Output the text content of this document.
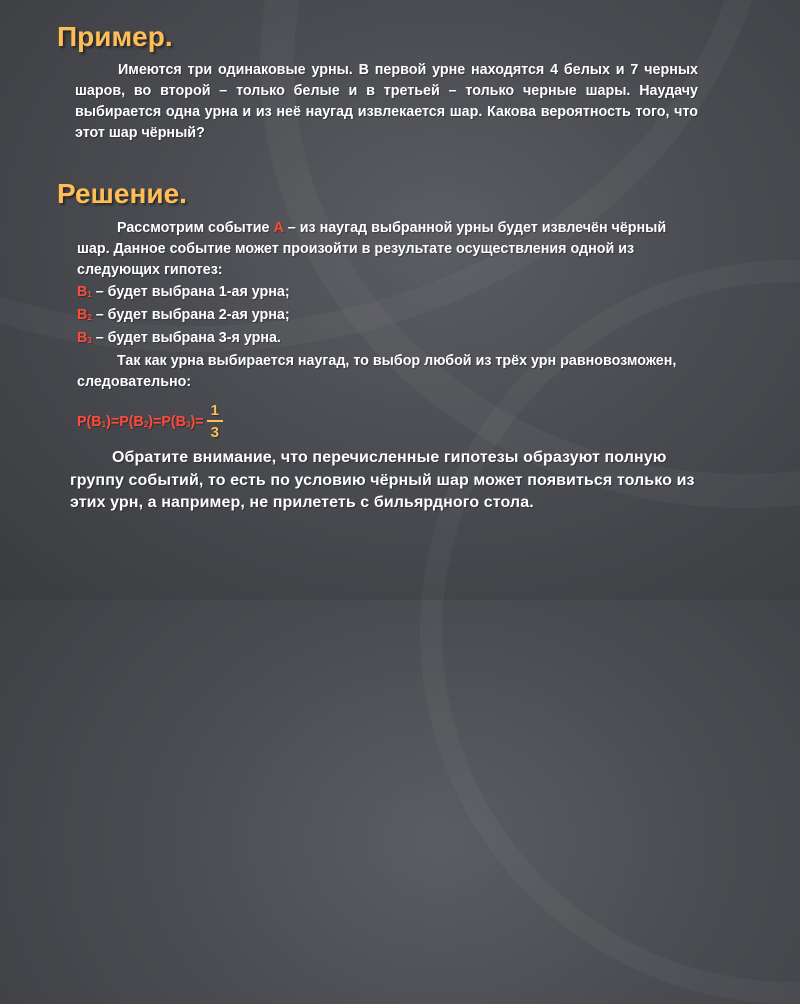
Пример.
Имеются три одинаковые урны. В первой урне находятся 4 белых и 7 черных шаров, во второй – только белые и в третьей – только черные шары. Наудачу выбирается одна урна и из неё наугад извлекается шар. Какова вероятность того, что этот шар чёрный?
Решение.

Рассмотрим событие А – из наугад выбранной урны будет извлечён чёрный шар. Данное событие может произойти в результате осуществления одной из следующих гипотез:

В1 – будет выбрана 1-ая урна;

В2 – будет выбрана 2-ая урна;

В3 – будет выбрана 3-я урна.

Так как урна выбирается наугад, то выбор любой из трёх урн равновозможен, следовательно:

$Р(В1)=Р(В2)=Р(В3)= \frac{1}{3}$
Обратите внимание, что перечисленные гипотезы образуют полную группу событий, то есть по условию чёрный шар может появиться только из этих урн, а например, не прилететь с бильярдного стола.
